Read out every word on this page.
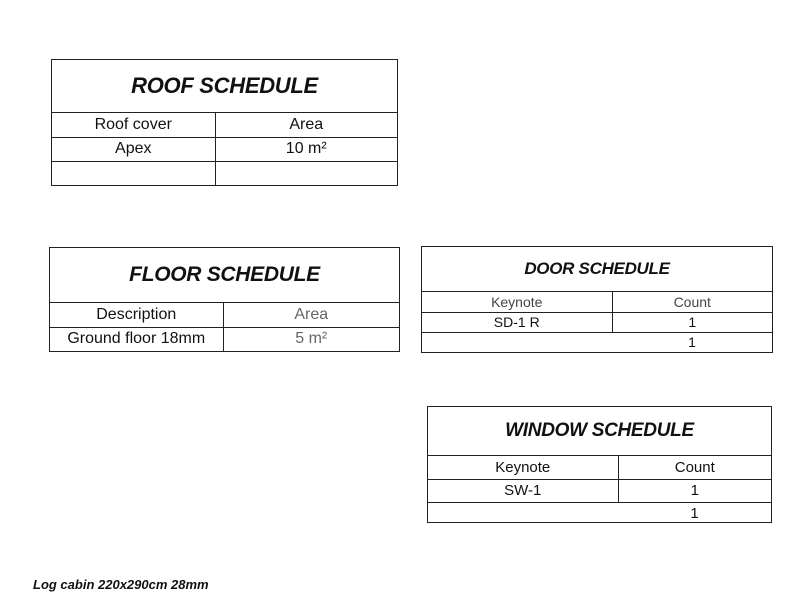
ROOF SCHEDULE
Roof cover	Area
Apex	10 m²

FLOOR SCHEDULE
Description	Area
Ground floor 18mm	5 m²
DOOR SCHEDULE
Keynote	Count
SD-1 R	1
	1
WINDOW SCHEDULE
Keynote	Count
SW-1	1
	1
Log cabin 220x290cm 28mm
